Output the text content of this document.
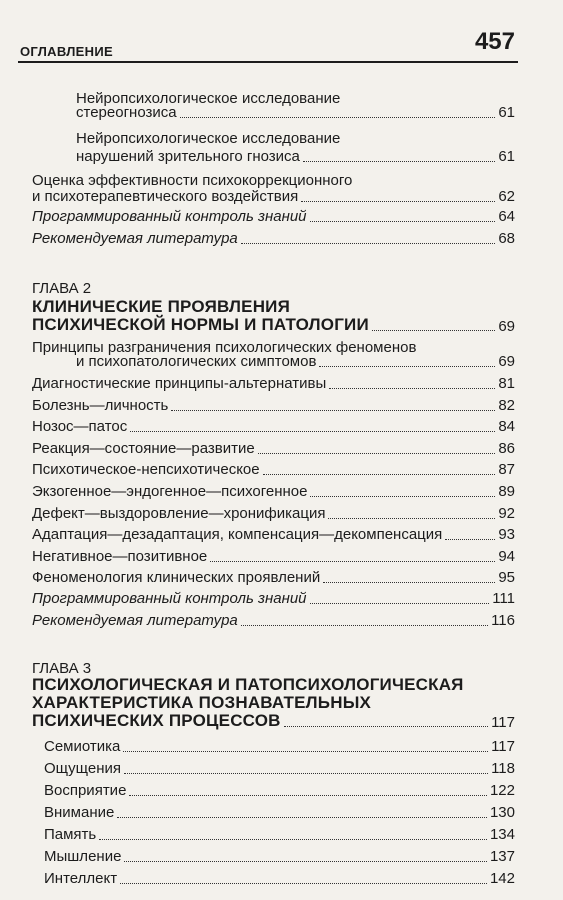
ОГЛАВЛЕНИЕ	457
Нейропсихологическое исследование
стереогнозиса	61
Нейропсихологическое исследование
нарушений зрительного гнозиса	61
Оценка эффективности психокоррекционного
и психотерапевтического воздействия	62
Программированный контроль знаний	64
Рекомендуемая литература	68
ГЛАВА 2
КЛИНИЧЕСКИЕ ПРОЯВЛЕНИЯ
ПСИХИЧЕСКОЙ НОРМЫ И ПАТОЛОГИИ	69
Принципы разграничения психологических феноменов
и психопатологических симптомов	69
Диагностические принципы-альтернативы	81
Болезнь—личность	82
Нозос—патос	84
Реакция—состояние—развитие	86
Психотическое-непсихотическое	87
Экзогенное—эндогенное—психогенное	89
Дефект—выздоровление—хронификация	92
Адаптация—дезадаптация, компенсация—декомпенсация	93
Негативное—позитивное	94
Феноменология клинических проявлений	95
Программированный контроль знаний	111
Рекомендуемая литература	116
ГЛАВА 3
ПСИХОЛОГИЧЕСКАЯ И ПАТОПСИХОЛОГИЧЕСКАЯ
ХАРАКТЕРИСТИКА ПОЗНАВАТЕЛЬНЫХ
ПСИХИЧЕСКИХ ПРОЦЕССОВ	117
Семиотика	117
Ощущения	118
Восприятие	122
Внимание	130
Память	134
Мышление	137
Интеллект	142
